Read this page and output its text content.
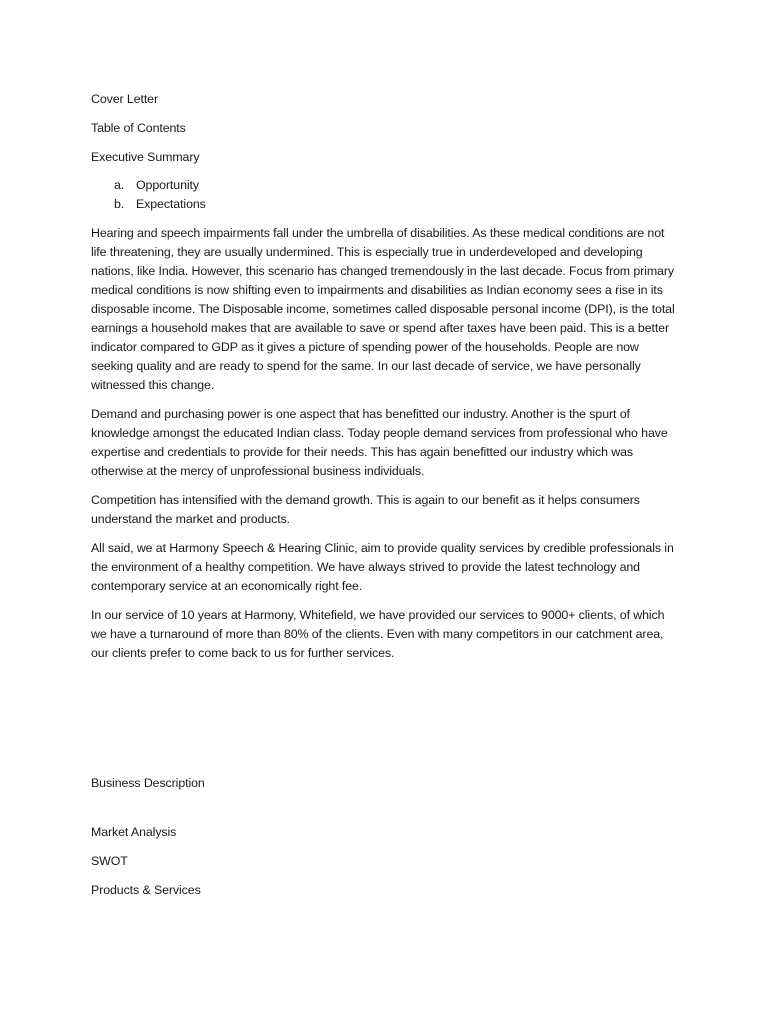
Cover Letter
Table of Contents
Executive Summary
a. Opportunity
b. Expectations

Hearing and speech impairments fall under the umbrella of disabilities. As these medical conditions are not life threatening, they are usually undermined. This is especially true in underdeveloped and developing nations, like India. However, this scenario has changed tremendously in the last decade. Focus from primary medical conditions is now shifting even to impairments and disabilities as Indian economy sees a rise in its disposable income. The Disposable income, sometimes called disposable personal income (DPI), is the total earnings a household makes that are available to save or spend after taxes have been paid. This is a better indicator compared to GDP as it gives a picture of spending power of the households. People are now seeking quality and are ready to spend for the same. In our last decade of service, we have personally witnessed this change.

Demand and purchasing power is one aspect that has benefitted our industry. Another is the spurt of knowledge amongst the educated Indian class. Today people demand services from professional who have expertise and credentials to provide for their needs. This has again benefitted our industry which was otherwise at the mercy of unprofessional business individuals.

Competition has intensified with the demand growth. This is again to our benefit as it helps consumers understand the market and products.

All said, we at Harmony Speech & Hearing Clinic, aim to provide quality services by credible professionals in the environment of a healthy competition. We have always strived to provide the latest technology and contemporary service at an economically right fee.

In our service of 10 years at Harmony, Whitefield, we have provided our services to 9000+ clients, of which we have a turnaround of more than 80% of the clients. Even with many competitors in our catchment area, our clients prefer to come back to us for further services.

Business Description
Market Analysis
SWOT
Products & Services
